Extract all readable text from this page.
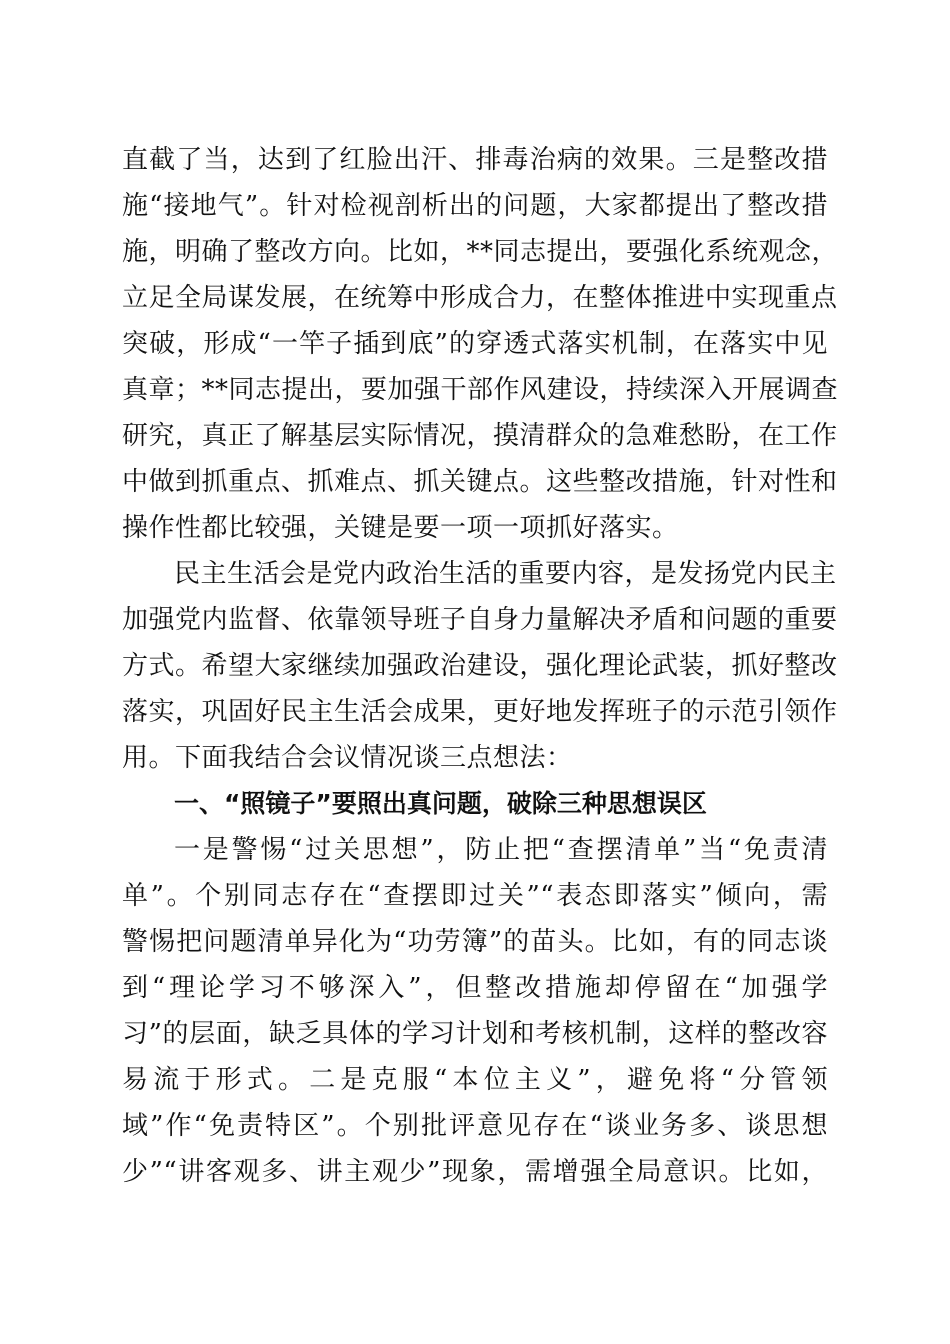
直截了当，达到了红脸出汗、排毒治病的效果。三是整改措
施“接地气”。针对检视剖析出的问题，大家都提出了整改措
施，明确了整改方向。比如，**同志提出，要强化系统观念，
立足全局谋发展，在统筹中形成合力，在整体推进中实现重点
突破，形成“一竿子插到底”的穿透式落实机制，在落实中见
真章；**同志提出，要加强干部作风建设，持续深入开展调查
研究，真正了解基层实际情况，摸清群众的急难愁盼，在工作
中做到抓重点、抓难点、抓关键点。这些整改措施，针对性和
操作性都比较强，关键是要一项一项抓好落实。
民主生活会是党内政治生活的重要内容，是发扬党内民主
加强党内监督、依靠领导班子自身力量解决矛盾和问题的重要
方式。希望大家继续加强政治建设，强化理论武装，抓好整改
落实，巩固好民主生活会成果，更好地发挥班子的示范引领作
用。下面我结合会议情况谈三点想法：
一、“照镜子”要照出真问题，破除三种思想误区
一是警惕“过关思想”，防止把“查摆清单”当“免责清
单”。个别同志存在“查摆即过关”“表态即落实”倾向，需
警惕把问题清单异化为“功劳簿”的苗头。比如，有的同志谈
到“理论学习不够深入”，但整改措施却停留在“加强学
习”的层面，缺乏具体的学习计划和考核机制，这样的整改容
易流于形式。二是克服“本位主义”，避免将“分管领
域”作“免责特区”。个别批评意见存在“谈业务多、谈思想
少”“讲客观多、讲主观少”现象，需增强全局意识。比如，
